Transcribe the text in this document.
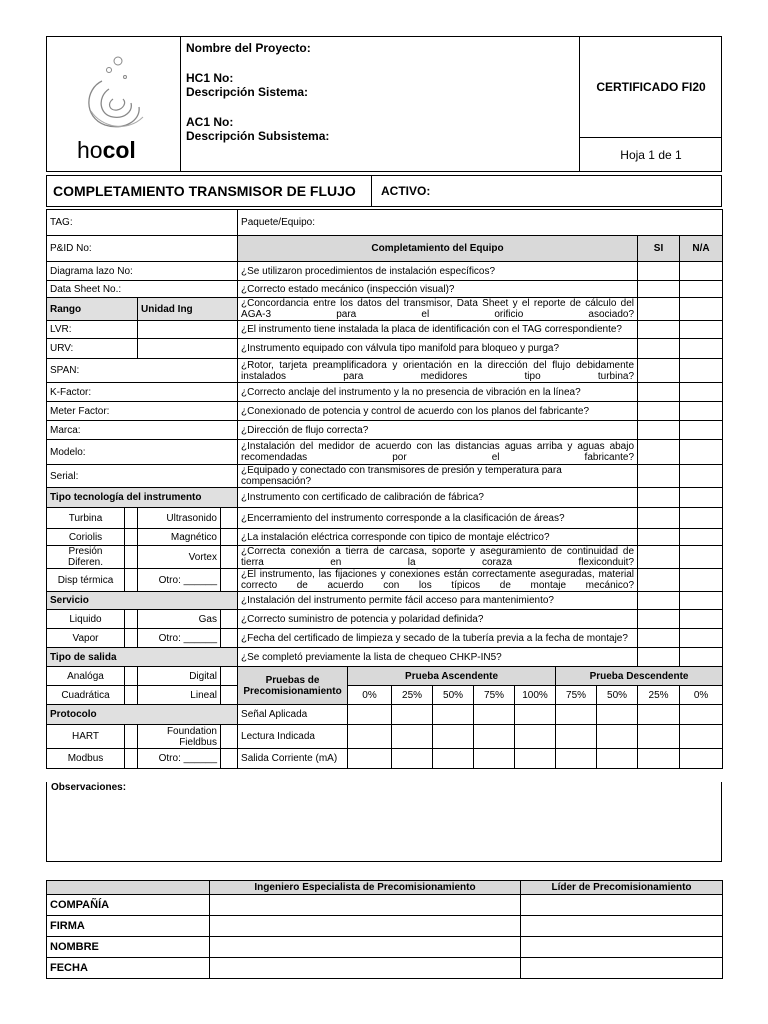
hocol
Nombre del Proyecto:
HC1 No:
Descripción Sistema:
AC1 No:
Descripción Subsistema:
CERTIFICADO FI20
Hoja 1 de 1
COMPLETAMIENTO TRANSMISOR DE FLUJO ACTIVO:
TAG:				Paquete/Equipo:									
P&ID No:				Completamiento del Equipo								SI	N/A
Diagrama lazo No:				¿Se utilizaron procedimientos de instalación específicos?									
Data Sheet No.:				¿Correcto estado mecánico (inspección visual)?									
Rango		Unidad Ing		¿Concordancia entre los datos del transmisor, Data Sheet y el reporte de cálculo del AGA-3 para el orificio asociado?									
LVR:				¿El instrumento tiene instalada la placa de identificación con el TAG correspondiente?									
URV:				¿Instrumento equipado con válvula tipo manifold para bloqueo y purga?									
SPAN:				¿Rotor, tarjeta preamplificadora y orientación en la dirección del flujo debidamente instalados para medidores tipo turbina?									
K-Factor:				¿Correcto anclaje del instrumento y la no presencia de vibración en la línea?									
Meter Factor:				¿Conexionado de potencia y control de acuerdo con los planos del fabricante?									
Marca:				¿Dirección de flujo correcta?									
Modelo:				¿Instalación del medidor de acuerdo con las distancias aguas arriba y aguas abajo recomendadas por el fabricante?									
Serial:				¿Equipado y conectado con transmisores de presión y temperatura para compensación?									
Tipo tecnología del instrumento				¿Instrumento con certificado de calibración de fábrica?									
Turbina		Ultrasonido		¿Encerramiento del instrumento corresponde a la clasificación de áreas?									
Coriolis		Magnético		¿La instalación eléctrica corresponde con tipico de montaje eléctrico?									
Presión Diferen.		Vortex		¿Correcta conexión a tierra de carcasa, soporte y aseguramiento de continuidad de tierra en la coraza flexiconduit?									
Disp térmica		Otro: ______		¿El instrumento, las fijaciones y conexiones están correctamente aseguradas, material correcto de acuerdo con los típicos de montaje mecánico?									
Servicio				¿Instalación del instrumento permite fácil acceso para mantenimiento?									
Liquido		Gas		¿Correcto suministro de potencia y polaridad definida?									
Vapor		Otro: ______		¿Fecha del certificado de limpieza y secado de la tubería previa a la fecha de montaje?									
Tipo de salida				¿Se completó previamente la lista de chequeo CHKP-IN5?									
Analóga		Digital		Pruebas de Precomisionamiento	Prueba Ascendente					Prueba Descendente			
Cuadrática		Lineal			0%	25%	50%	75%	100%	75%	50%	25%	0%
Protocolo				Señal Aplicada									
HART		Foundation Fieldbus		Lectura Indicada									
Modbus		Otro: ______		Salida Corriente (mA)									
Observaciones:
	Ingeniero Especialista de Precomisionamiento	Líder de Precomisionamiento
COMPAÑÍA		
FIRMA		
NOMBRE		
FECHA		
